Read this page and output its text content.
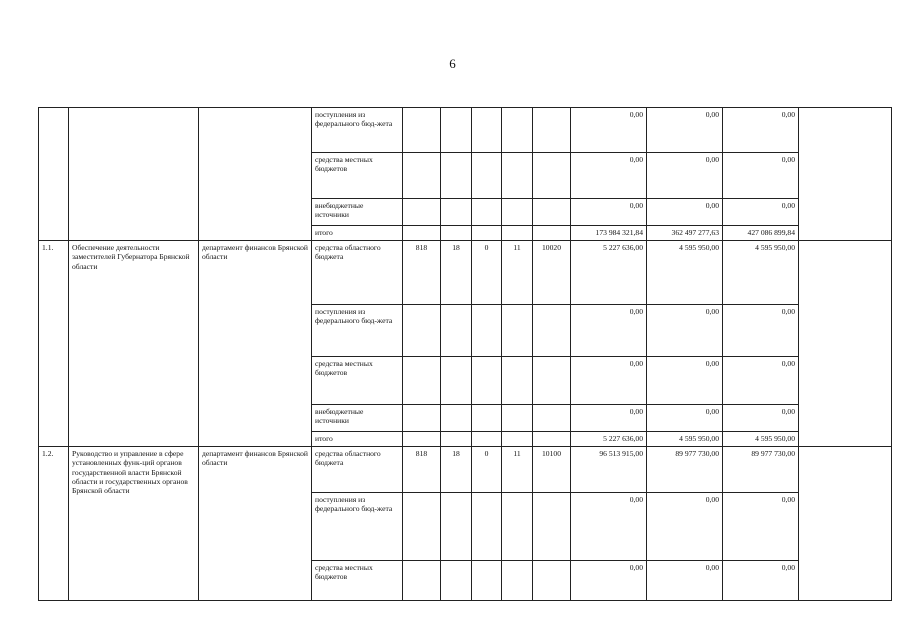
6
			поступления из федерального бюд-жета						0,00	0,00	0,00	
			средства местных бюджетов						0,00	0,00	0,00	
			внебюджетные источники						0,00	0,00	0,00	
			итого						173 984 321,84	362 497 277,63	427 086 899,84	
1.1.	Обеспечение деятельности заместителей Губернатора Брянской области	департамент финансов Брянской области	средства областного бюджета	818	18	0	11	10020	5 227 636,00	4 595 950,00	4 595 950,00	
			поступления из федерального бюд-жета						0,00	0,00	0,00	
			средства местных бюджетов						0,00	0,00	0,00	
			внебюджетные источники						0,00	0,00	0,00	
			итого						5 227 636,00	4 595 950,00	4 595 950,00	
1.2.	Руководство и управление в сфере установленных функ-ций органов государственной власти Брянской области и государственных органов Брянской области	департамент финансов Брянской области	средства областного бюджета	818	18	0	11	10100	96 513 915,00	89 977 730,00	89 977 730,00	
			поступления из федерального бюд-жета						0,00	0,00	0,00	
			средства местных бюджетов						0,00	0,00	0,00	
